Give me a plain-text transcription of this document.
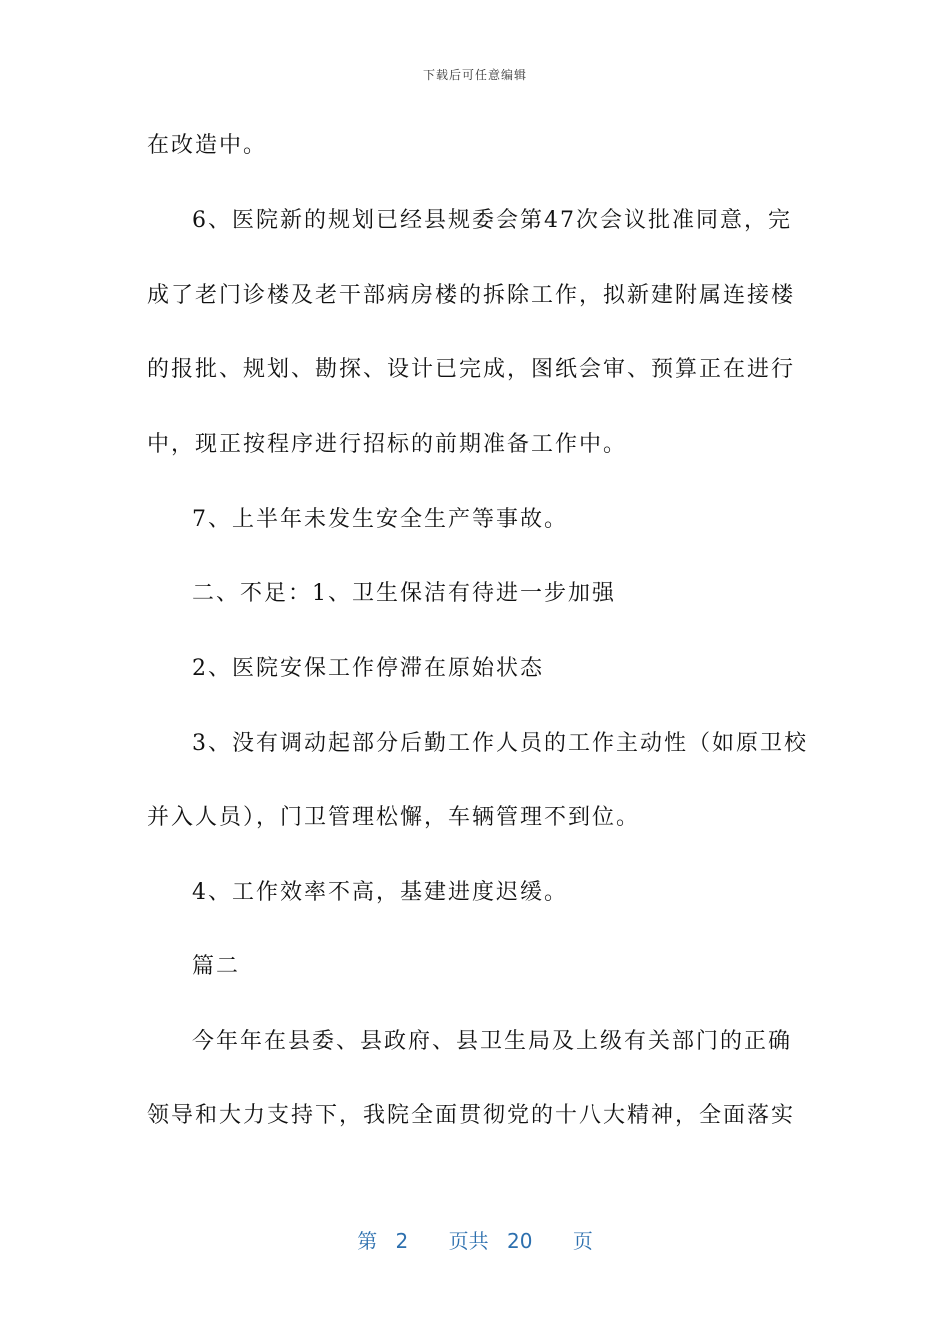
下载后可任意编辑
在改造中。
6、医院新的规划已经县规委会第47次会议批准同意，完
成了老门诊楼及老干部病房楼的拆除工作，拟新建附属连接楼
的报批、规划、勘探、设计已完成，图纸会审、预算正在进行
中，现正按程序进行招标的前期准备工作中。
7、上半年未发生安全生产等事故。
二、不足：1、卫生保洁有待进一步加强
2、医院安保工作停滞在原始状态
3、没有调动起部分后勤工作人员的工作主动性（如原卫校
并入人员），门卫管理松懈，车辆管理不到位。
4、工作效率不高，基建进度迟缓。
篇二
今年年在县委、县政府、县卫生局及上级有关部门的正确
领导和大力支持下，我院全面贯彻党的十八大精神，全面落实
第 2 页共 20 页
